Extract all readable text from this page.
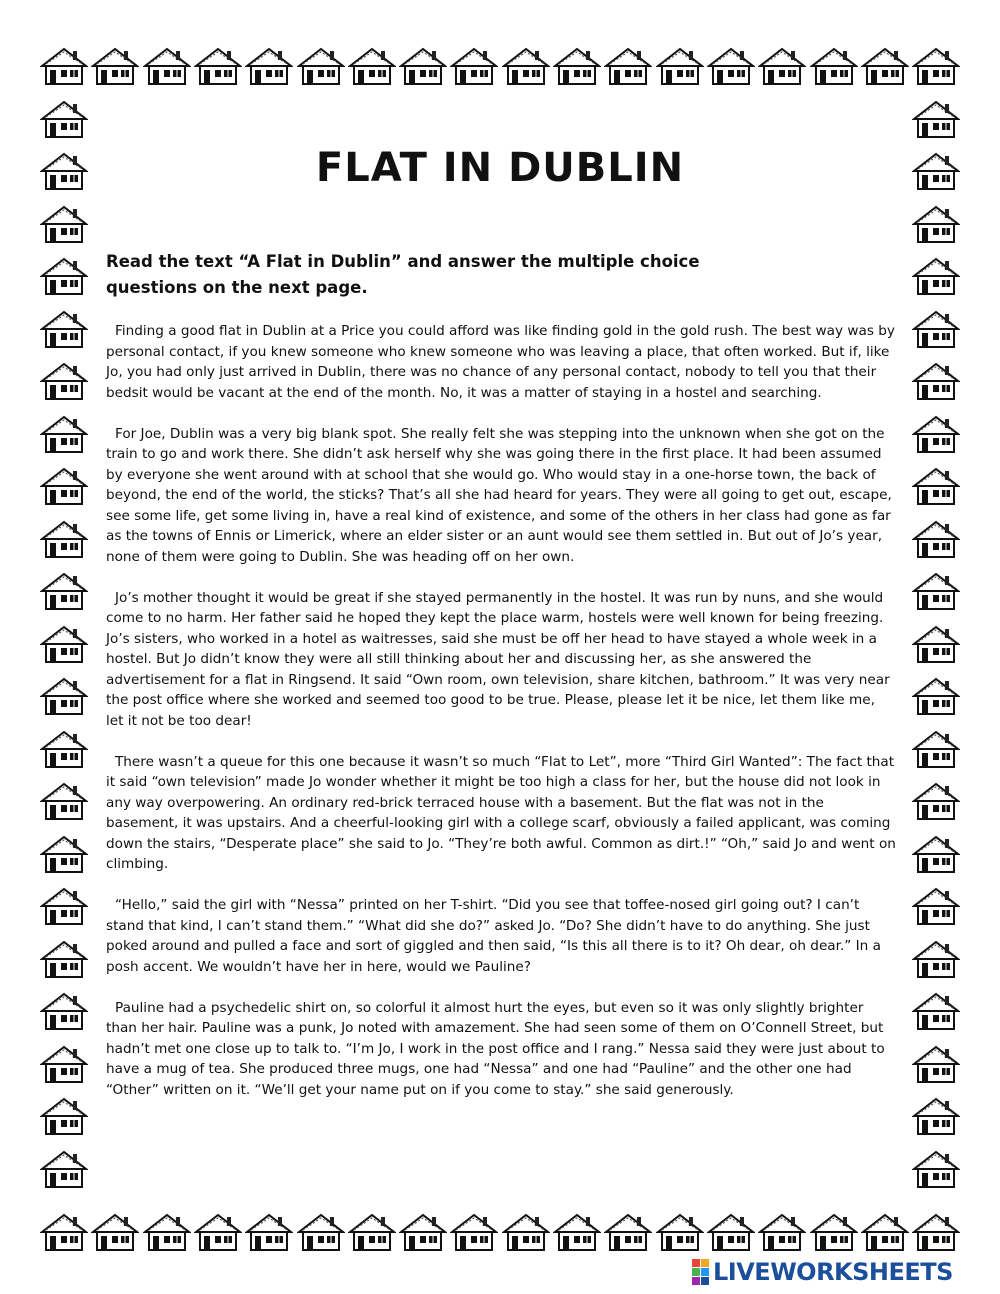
FLAT IN DUBLIN

Read the text “A Flat in Dublin” and answer the multiple choice questions on the next page.

Finding a good flat in Dublin at a Price you could afford was like finding gold in the gold rush. The best way was by personal contact, if you knew someone who knew someone who was leaving a place, that often worked. But if, like Jo, you had only just arrived in Dublin, there was no chance of any personal contact, nobody to tell you that their bedsit would be vacant at the end of the month. No, it was a matter of staying in a hostel and searching.

For Joe, Dublin was a very big blank spot. She really felt she was stepping into the unknown when she got on the train to go and work there. She didn’t ask herself why she was going there in the first place. It had been assumed by everyone she went around with at school that she would go. Who would stay in a one-horse town, the back of beyond, the end of the world, the sticks? That’s all she had heard for years. They were all going to get out, escape, see some life, get some living in, have a real kind of existence, and some of the others in her class had gone as far as the towns of Ennis or Limerick, where an elder sister or an aunt would see them settled in. But out of Jo’s year, none of them were going to Dublin. She was heading off on her own.

Jo’s mother thought it would be great if she stayed permanently in the hostel. It was run by nuns, and she would come to no harm. Her father said he hoped they kept the place warm, hostels were well known for being freezing. Jo’s sisters, who worked in a hotel as waitresses, said she must be off her head to have stayed a whole week in a hostel. But Jo didn’t know they were all still thinking about her and discussing her, as she answered the advertisement for a flat in Ringsend. It said “Own room, own television, share kitchen, bathroom.” It was very near the post office where she worked and seemed too good to be true. Please, please let it be nice, let them like me, let it not be too dear!

There wasn’t a queue for this one because it wasn’t so much “Flat to Let”, more “Third Girl Wanted”: The fact that it said “own television” made Jo wonder whether it might be too high a class for her, but the house did not look in any way overpowering. An ordinary red-brick terraced house with a basement. But the flat was not in the basement, it was upstairs. And a cheerful-looking girl with a college scarf, obviously a failed applicant, was coming down the stairs, “Desperate place” she said to Jo. “They’re both awful. Common as dirt.!” “Oh,” said Jo and went on climbing.

“Hello,” said the girl with “Nessa” printed on her T-shirt. “Did you see that toffee-nosed girl going out? I can’t stand that kind, I can’t stand them.” “What did she do?” asked Jo. “Do? She didn’t have to do anything. She just poked around and pulled a face and sort of giggled and then said, “Is this all there is to it? Oh dear, oh dear.” In a posh accent. We wouldn’t have her in here, would we Pauline?

Pauline had a psychedelic shirt on, so colorful it almost hurt the eyes, but even so it was only slightly brighter than her hair. Pauline was a punk, Jo noted with amazement. She had seen some of them on O’Connell Street, but hadn’t met one close up to talk to. “I’m Jo, I work in the post office and I rang.” Nessa said they were just about to have a mug of tea. She produced three mugs, one had “Nessa” and one had “Pauline” and the other one had “Other” written on it. “We’ll get your name put on if you come to stay.” she said generously.

LIVEWORKSHEETS
